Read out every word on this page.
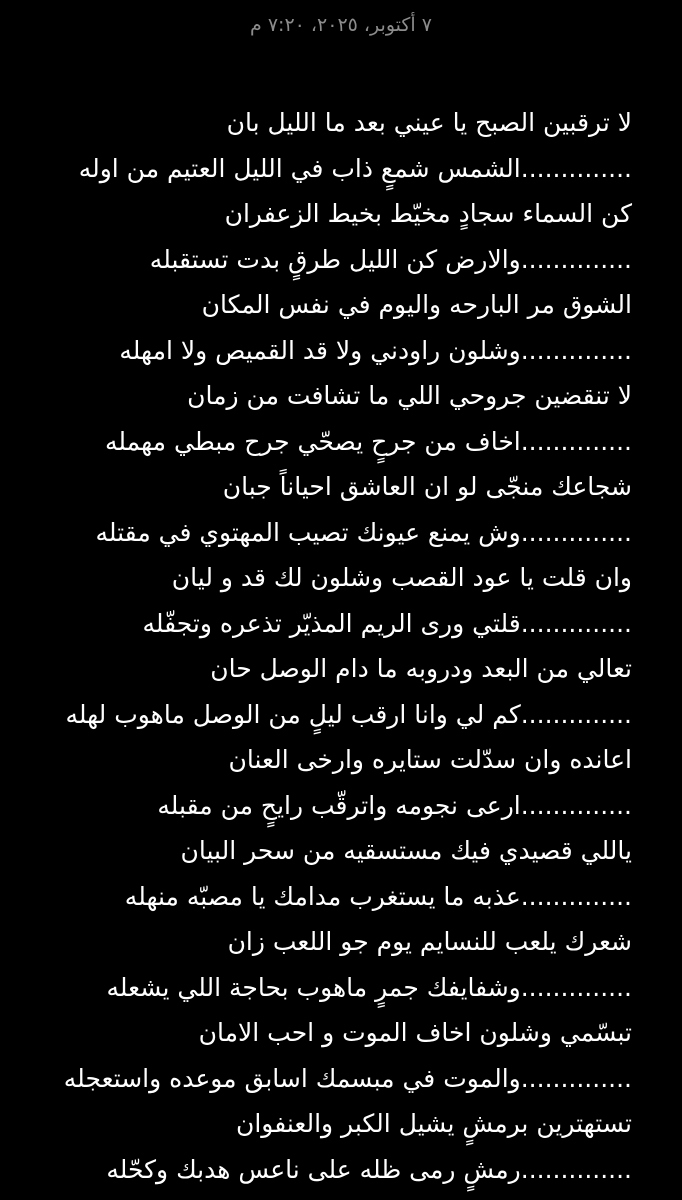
٧ أكتوبر، ٢٠٢٥، ٧:٢٠ م
لا ترقبين الصبح يا عيني بعد ما الليل بان
..............الشمس شمعٍ ذاب في الليل العتيم من اوله
كن السماء سجادٍ مخيّط بخيط الزعفران
..............والارض كن الليل طرقٍ بدت تستقبله
الشوق مر البارحه واليوم في نفس المكان
..............وشلون راودني ولا قد القميص ولا امهله
لا تنقضين جروحي اللي ما تشافت من زمان
..............اخاف من جرحٍ يصحّي جرح مبطي مهمله
شجاعك منجّى لو ان العاشق احياناً جبان
..............وش يمنع عيونك تصيب المهتوي في مقتله
وان قلت يا عود القصب وشلون لك قد و ليان
..............قلتي ورى الريم المذيّر تذعره وتجفّله
تعالي من البعد ودروبه ما دام الوصل حان
..............كم لي وانا ارقب ليلٍ من الوصل ماهوب لهله
اعانده وان سدّلت ستايره وارخى العنان
..............ارعى نجومه واترقّب رايحٍ من مقبله
ياللي قصيدي فيك مستسقيه من سحر البيان
..............عذبه ما يستغرب مدامك يا مصبّه منهله
شعرك يلعب للنسايم يوم جو اللعب زان
..............وشفايفك جمرٍ ماهوب بحاجة اللي يشعله
تبسّمي وشلون اخاف الموت و احب الامان
..............والموت في مبسمك اسابق موعده واستعجله
تستهترين برمشٍ يشيل الكبر والعنفوان
..............رمشٍ رمى ظله على ناعس هدبك وكحّله
